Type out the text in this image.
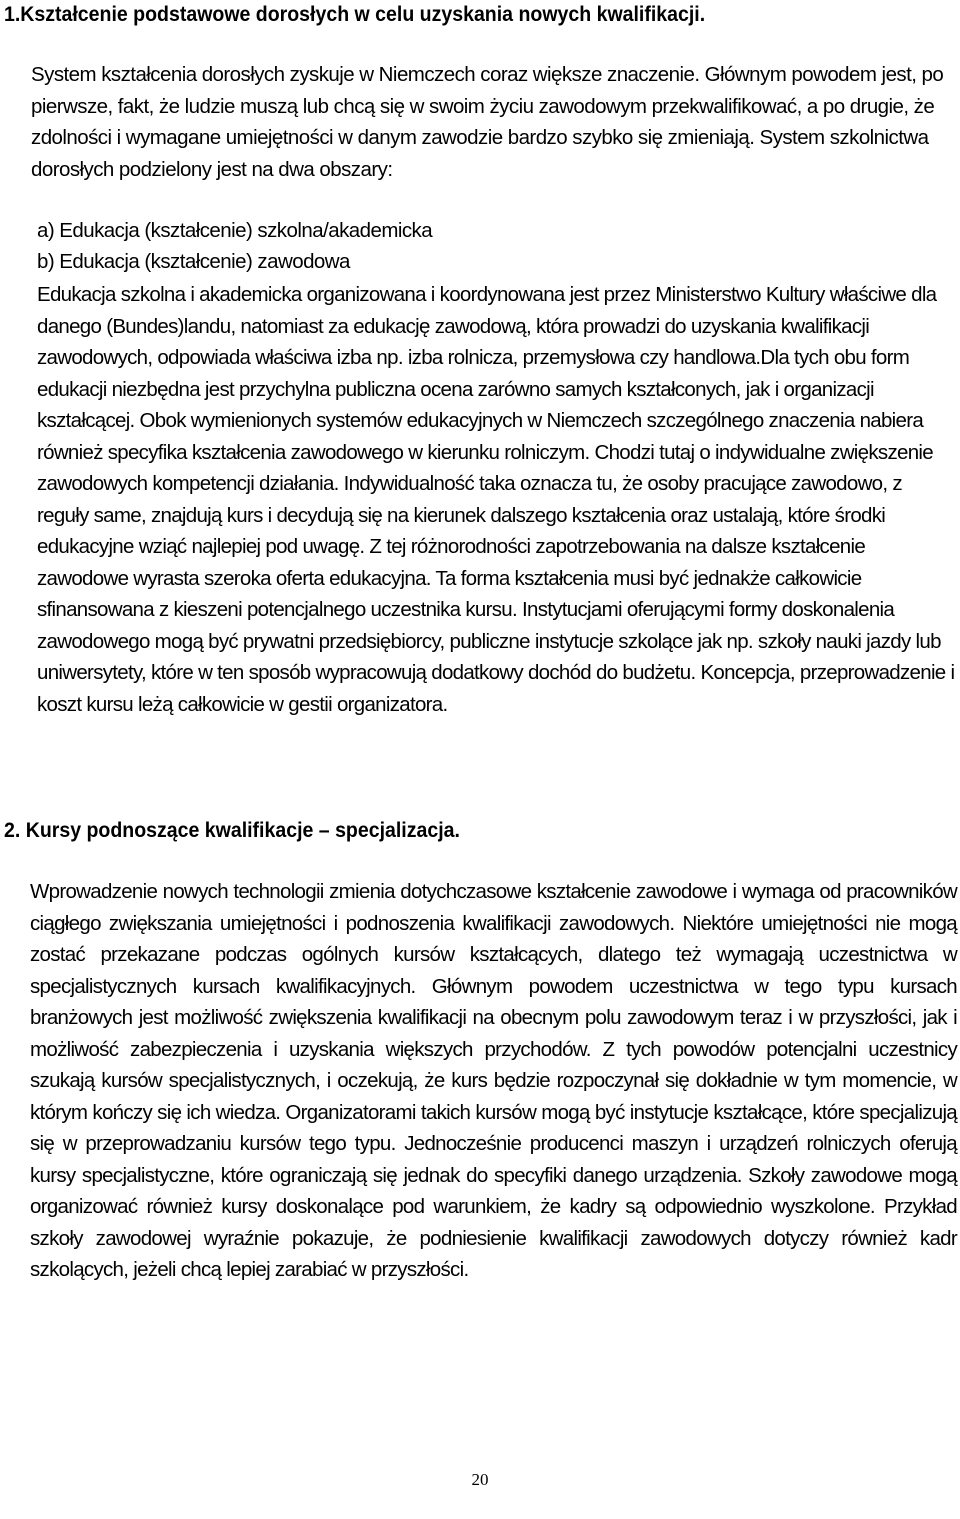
1.Kształcenie podstawowe dorosłych w celu uzyskania nowych kwalifikacji.
System kształcenia dorosłych zyskuje w Niemczech coraz większe znaczenie. Głównym powodem jest, po pierwsze, fakt, że ludzie muszą lub chcą się w swoim życiu zawodowym przekwalifikować, a po drugie, że zdolności i wymagane umiejętności w danym zawodzie bardzo szybko się zmieniają. System szkolnictwa dorosłych podzielony jest na dwa obszary:
a) Edukacja (kształcenie) szkolna/akademicka
b) Edukacja (kształcenie) zawodowa
Edukacja szkolna i akademicka organizowana i koordynowana jest przez Ministerstwo Kultury właściwe dla danego (Bundes)landu, natomiast za edukację zawodową, która prowadzi do uzyskania kwalifikacji zawodowych, odpowiada właściwa izba np. izba rolnicza, przemysłowa czy handlowa.Dla tych obu form edukacji niezbędna jest przychylna publiczna ocena zarówno samych kształconych, jak i organizacji kształcącej. Obok wymienionych systemów edukacyjnych w Niemczech szczególnego znaczenia nabiera również specyfika kształcenia zawodowego w kierunku rolniczym. Chodzi tutaj o indywidualne zwiększenie zawodowych kompetencji działania. Indywidualność taka oznacza tu, że osoby pracujące zawodowo, z reguły same, znajdują kurs i decydują się na kierunek dalszego kształcenia oraz ustalają, które środki edukacyjne wziąć najlepiej pod uwagę. Z tej różnorodności zapotrzebowania na dalsze kształcenie zawodowe wyrasta szeroka oferta edukacyjna. Ta forma kształcenia musi być jednakże całkowicie sfinansowana z kieszeni potencjalnego uczestnika kursu. Instytucjami oferującymi formy doskonalenia zawodowego mogą być prywatni przedsiębiorcy, publiczne instytucje szkolące jak np. szkoły nauki jazdy lub uniwersytety, które w ten sposób wypracowują dodatkowy dochód do budżetu. Koncepcja, przeprowadzenie i koszt kursu leżą całkowicie w gestii organizatora.
2. Kursy podnoszące kwalifikacje – specjalizacja.
Wprowadzenie nowych technologii zmienia dotychczasowe kształcenie zawodowe i wymaga od pracowników ciągłego zwiększania umiejętności i podnoszenia kwalifikacji zawodowych. Niektóre umiejętności nie mogą zostać przekazane podczas ogólnych kursów kształcących, dlatego też wymagają uczestnictwa w specjalistycznych kursach kwalifikacyjnych. Głównym powodem uczestnictwa w tego typu kursach branżowych jest możliwość zwiększenia kwalifikacji na obecnym polu zawodowym teraz i w przyszłości, jak i możliwość zabezpieczenia i uzyskania większych przychodów. Z tych powodów potencjalni uczestnicy szukają kursów specjalistycznych, i oczekują, że kurs będzie rozpoczynał się dokładnie w tym momencie, w którym kończy się ich wiedza. Organizatorami takich kursów mogą być instytucje kształcące, które specjalizują się w przeprowadzaniu kursów tego typu. Jednocześnie producenci maszyn i urządzeń rolniczych oferują kursy specjalistyczne, które ograniczają się jednak do specyfiki danego urządzenia. Szkoły zawodowe mogą organizować również kursy doskonalące pod warunkiem, że kadry są odpowiednio wyszkolone. Przykład szkoły zawodowej wyraźnie pokazuje, że podniesienie kwalifikacji zawodowych dotyczy również kadr szkolących, jeżeli chcą lepiej zarabiać w przyszłości.
20
